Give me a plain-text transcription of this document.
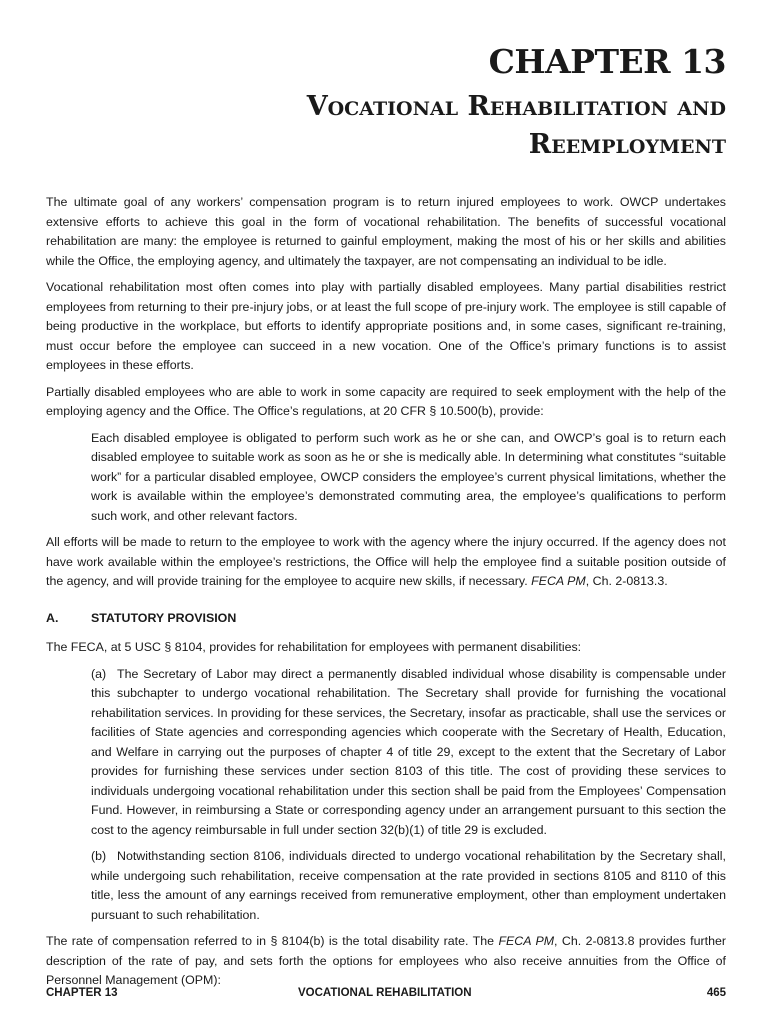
CHAPTER 13
Vocational Rehabilitation and
Reemployment

The ultimate goal of any workers’ compensation program is to return injured employees to work. OWCP undertakes extensive efforts to achieve this goal in the form of vocational rehabilitation. The benefits of successful vocational rehabilitation are many: the employee is returned to gainful employment, making the most of his or her skills and abilities while the Office, the employing agency, and ultimately the taxpayer, are not compensating an individual to be idle.

Vocational rehabilitation most often comes into play with partially disabled employees. Many partial disabilities restrict employees from returning to their pre-injury jobs, or at least the full scope of pre-injury work. The employee is still capable of being productive in the workplace, but efforts to identify appropriate positions and, in some cases, significant re-training, must occur before the employee can succeed in a new vocation. One of the Office’s primary functions is to assist employees in these efforts.

Partially disabled employees who are able to work in some capacity are required to seek employment with the help of the employing agency and the Office. The Office’s regulations, at 20 CFR § 10.500(b), provide:

Each disabled employee is obligated to perform such work as he or she can, and OWCP’s goal is to return each disabled employee to suitable work as soon as he or she is medically able. In determining what constitutes “suitable work” for a particular disabled employee, OWCP considers the employee’s current physical limitations, whether the work is available within the employee’s demonstrated commuting area, the employee’s qualifications to perform such work, and other relevant factors.

All efforts will be made to return to the employee to work with the agency where the injury occurred. If the agency does not have work available within the employee’s restrictions, the Office will help the employee find a suitable position outside of the agency, and will provide training for the employee to acquire new skills, if necessary. FECA PM, Ch. 2-0813.3.

A.	STATUTORY PROVISION

The FECA, at 5 USC § 8104, provides for rehabilitation for employees with permanent disabilities:

(a) The Secretary of Labor may direct a permanently disabled individual whose disability is compensable under this subchapter to undergo vocational rehabilitation. The Secretary shall provide for furnishing the vocational rehabilitation services. In providing for these services, the Secretary, insofar as practicable, shall use the services or facilities of State agencies and corresponding agencies which cooperate with the Secretary of Health, Education, and Welfare in carrying out the purposes of chapter 4 of title 29, except to the extent that the Secretary of Labor provides for furnishing these services under section 8103 of this title. The cost of providing these services to individuals undergoing vocational rehabilitation under this section shall be paid from the Employees’ Compensation Fund. However, in reimbursing a State or corresponding agency under an arrangement pursuant to this section the cost to the agency reimbursable in full under section 32(b)(1) of title 29 is excluded.

(b) Notwithstanding section 8106, individuals directed to undergo vocational rehabilitation by the Secretary shall, while undergoing such rehabilitation, receive compensation at the rate provided in sections 8105 and 8110 of this title, less the amount of any earnings received from remunerative employment, other than employment undertaken pursuant to such rehabilitation.

The rate of compensation referred to in § 8104(b) is the total disability rate. The FECA PM, Ch. 2-0813.8 provides further description of the rate of pay, and sets forth the options for employees who also receive annuities from the Office of Personnel Management (OPM):

CHAPTER 13	VOCATIONAL REHABILITATION	465
